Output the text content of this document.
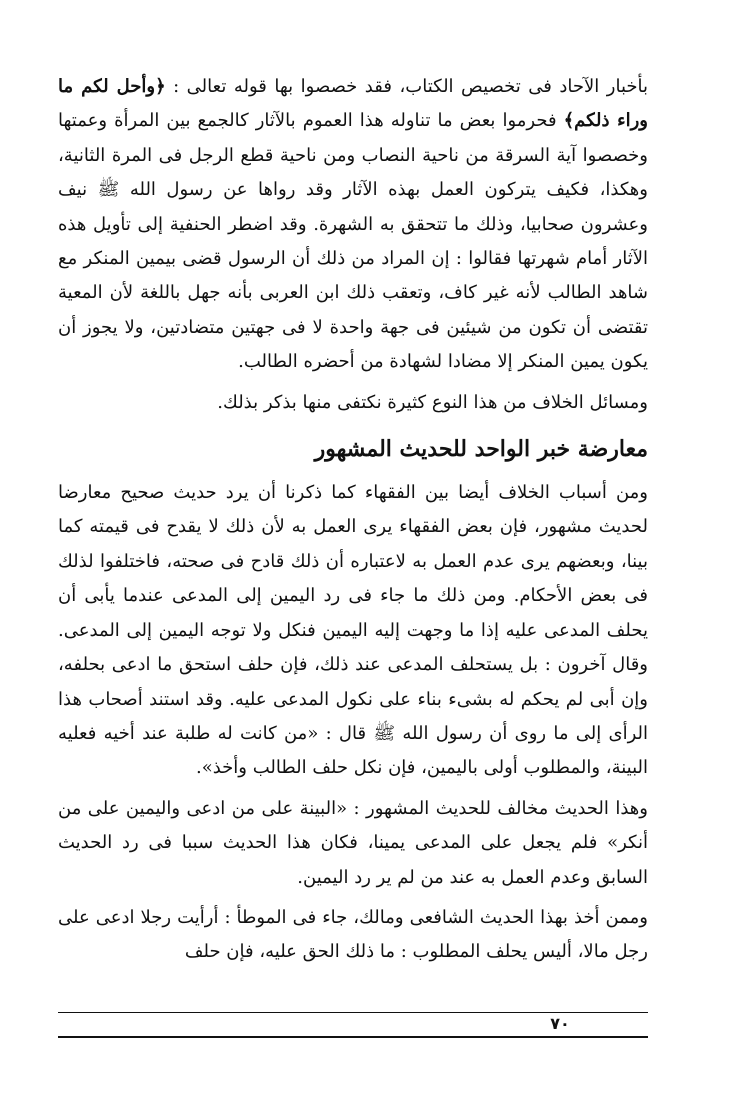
بأخبار الآحاد فى تخصيص الكتاب، فقد خصصوا بها قوله تعالى : ﴿وأحل لكم ما وراء ذلكم﴾ فحرموا بعض ما تناوله هذا العموم بالآثار كالجمع بين المرأة وعمتها وخصصوا آية السرقة من ناحية النصاب ومن ناحية قطع الرجل فى المرة الثانية، وهكذا، فكيف يتركون العمل بهذه الآثار وقد رواها عن رسول الله ﷺ نيف وعشرون صحابيا، وذلك ما تتحقق به الشهرة. وقد اضطر الحنفية إلى تأويل هذه الآثار أمام شهرتها فقالوا : إن المراد من ذلك أن الرسول قضى بيمين المنكر مع شاهد الطالب لأنه غير كاف، وتعقب ذلك ابن العربى بأنه جهل باللغة لأن المعية تقتضى أن تكون من شيئين فى جهة واحدة لا فى جهتين متضادتين، ولا يجوز أن يكون يمين المنكر إلا مضادا لشهادة من أحضره الطالب.

ومسائل الخلاف من هذا النوع كثيرة نكتفى منها بذكر بذلك.

معارضة خبر الواحد للحديث المشهور

ومن أسباب الخلاف أيضا بين الفقهاء كما ذكرنا أن يرد حديث صحيح معارضا لحديث مشهور، فإن بعض الفقهاء يرى العمل به لأن ذلك لا يقدح فى قيمته كما بينا، وبعضهم يرى عدم العمل به لاعتباره أن ذلك قادح فى صحته، فاختلفوا لذلك فى بعض الأحكام. ومن ذلك ما جاء فى رد اليمين إلى المدعى عندما يأبى أن يحلف المدعى عليه إذا ما وجهت إليه اليمين فنكل ولا توجه اليمين إلى المدعى. وقال آخرون : بل يستحلف المدعى عند ذلك، فإن حلف استحق ما ادعى بحلفه، وإن أبى لم يحكم له بشىء بناء على نكول المدعى عليه. وقد استند أصحاب هذا الرأى إلى ما روى أن رسول الله ﷺ قال : «من كانت له طلبة عند أخيه فعليه البينة، والمطلوب أولى باليمين، فإن نكل حلف الطالب وأخذ».

وهذا الحديث مخالف للحديث المشهور : «البينة على من ادعى واليمين على من أنكر» فلم يجعل على المدعى يمينا، فكان هذا الحديث سببا فى رد الحديث السابق وعدم العمل به عند من لم ير رد اليمين.

وممن أخذ بهذا الحديث الشافعى ومالك، جاء فى الموطأ : أرأيت رجلا ادعى على رجل مالا، أليس يحلف المطلوب : ما ذلك الحق عليه، فإن حلف

٧٠
